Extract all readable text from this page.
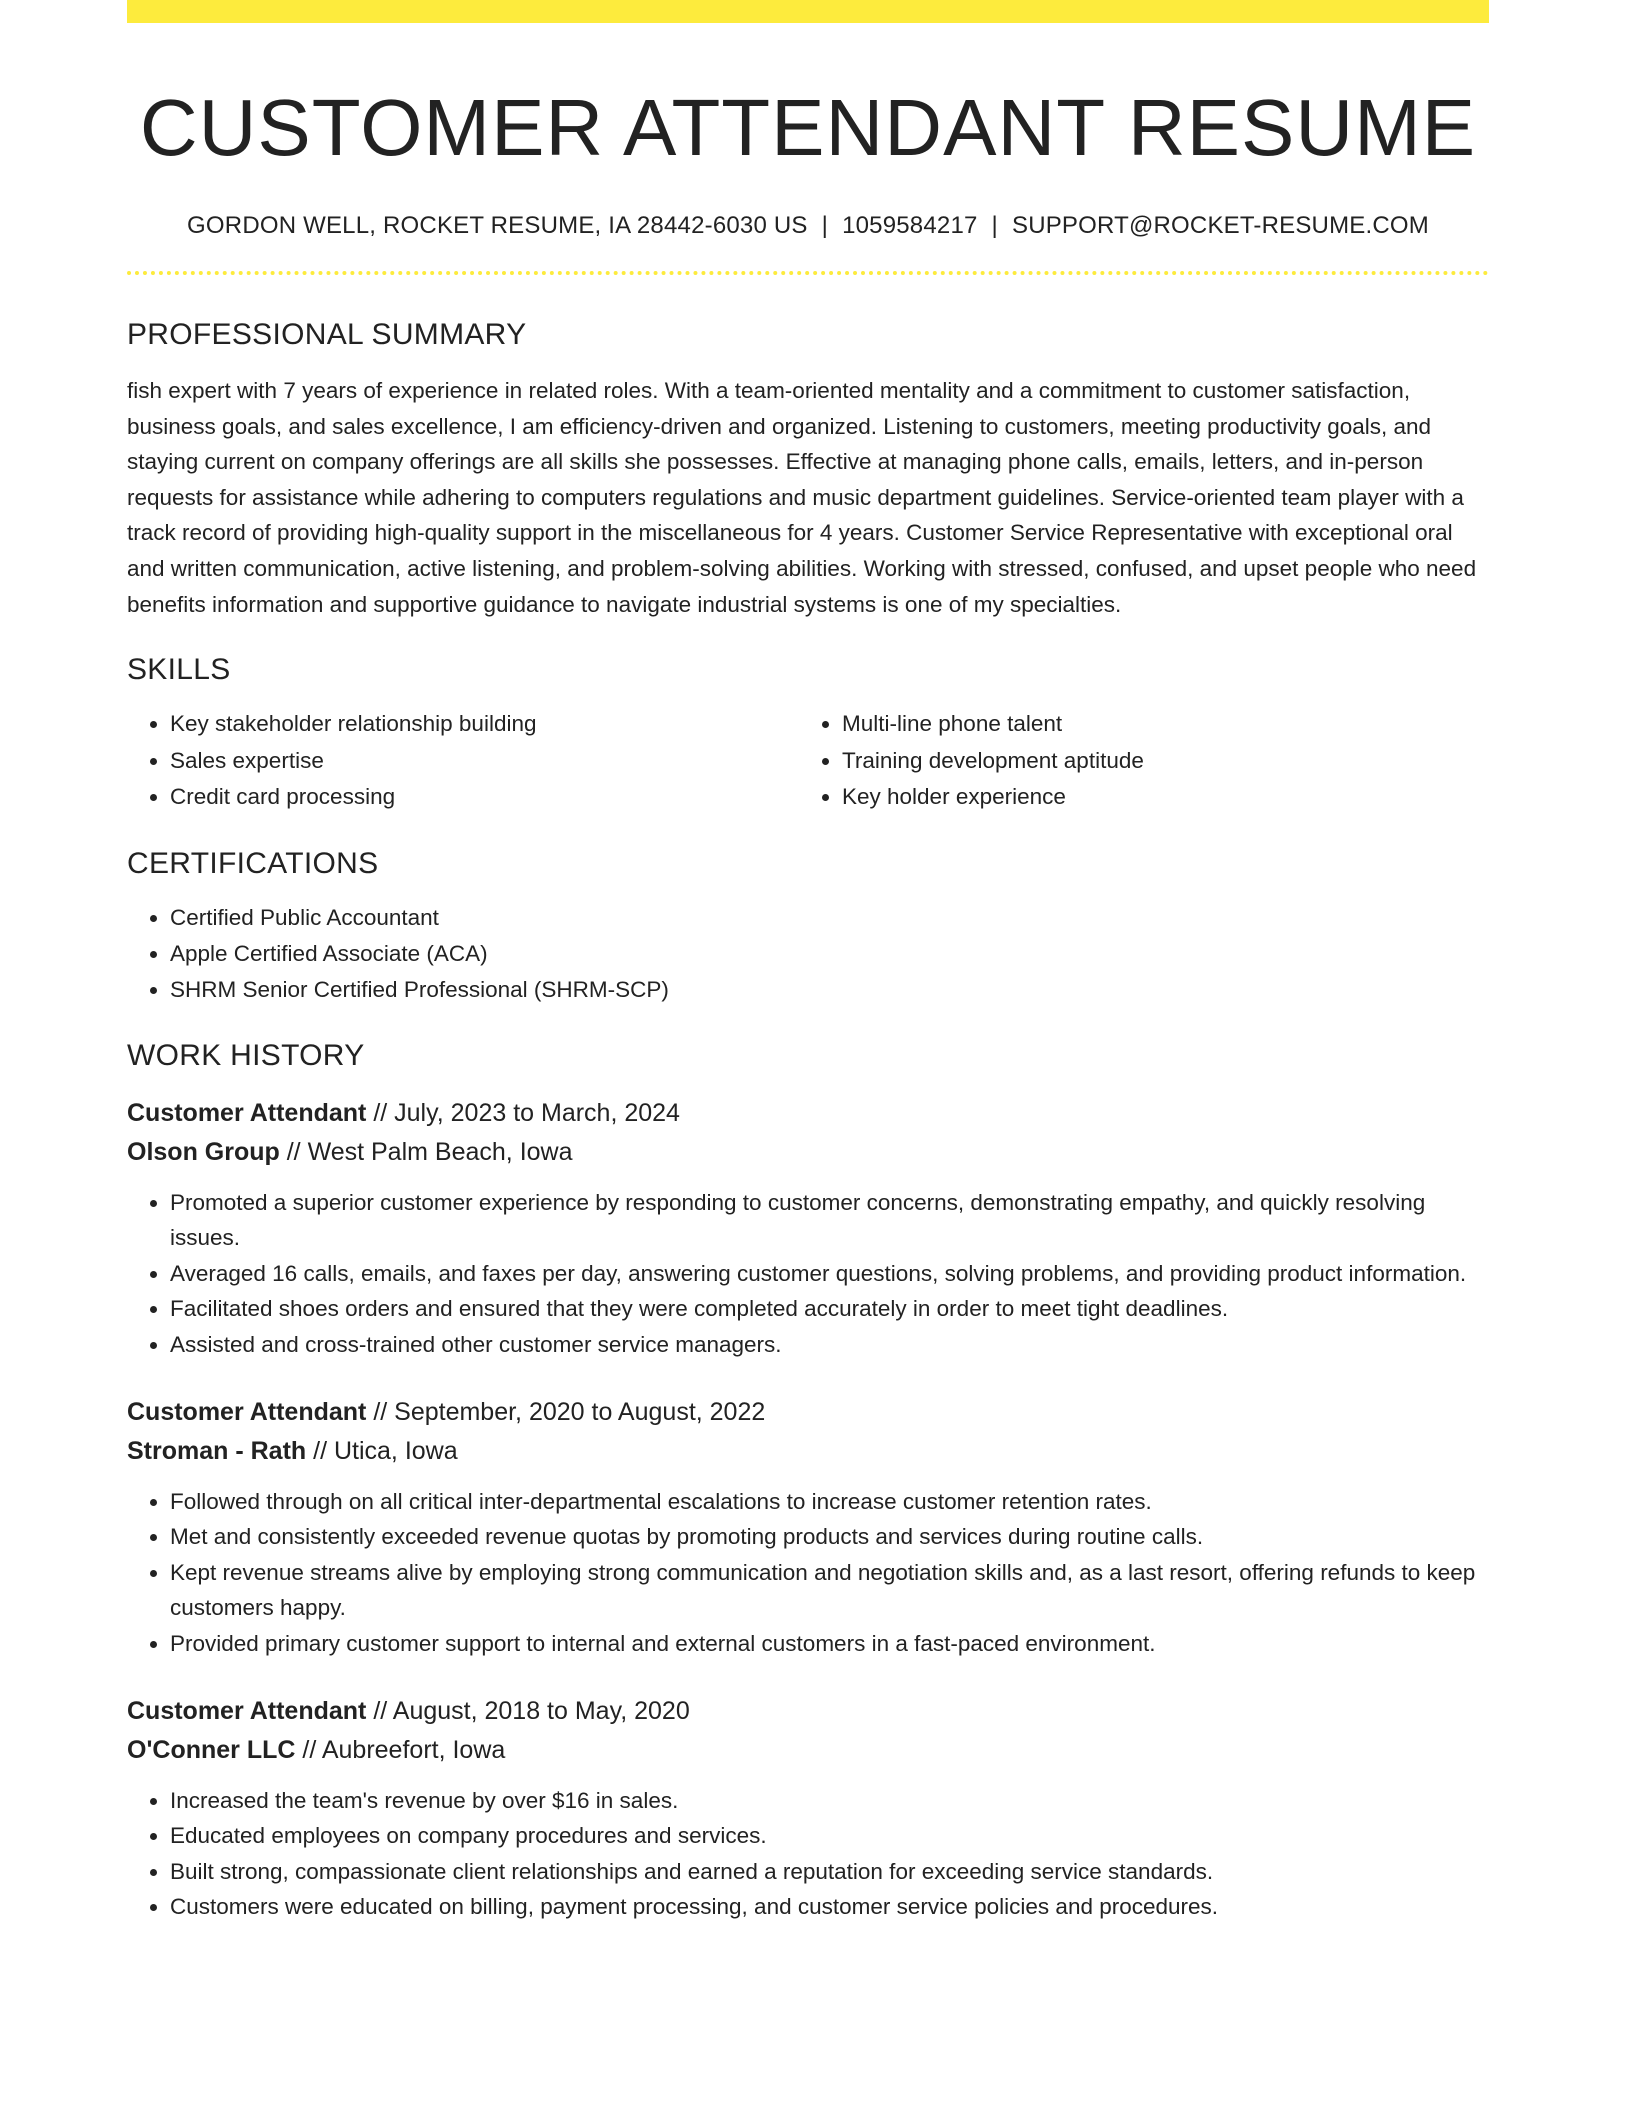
CUSTOMER ATTENDANT RESUME
GORDON WELL, ROCKET RESUME, IA 28442-6030 US | 1059584217 | SUPPORT@ROCKET-RESUME.COM
PROFESSIONAL SUMMARY

fish expert with 7 years of experience in related roles. With a team-oriented mentality and a commitment to customer satisfaction, business goals, and sales excellence, I am efficiency-driven and organized. Listening to customers, meeting productivity goals, and staying current on company offerings are all skills she possesses. Effective at managing phone calls, emails, letters, and in-person requests for assistance while adhering to computers regulations and music department guidelines. Service-oriented team player with a track record of providing high-quality support in the miscellaneous for 4 years. Customer Service Representative with exceptional oral and written communication, active listening, and problem-solving abilities. Working with stressed, confused, and upset people who need benefits information and supportive guidance to navigate industrial systems is one of my specialties.

SKILLS
• Key stakeholder relationship building
• Sales expertise
• Credit card processing
• Multi-line phone talent
• Training development aptitude
• Key holder experience
CERTIFICATIONS
• Certified Public Accountant
• Apple Certified Associate (ACA)
• SHRM Senior Certified Professional (SHRM-SCP)
WORK HISTORY
Customer Attendant // July, 2023 to March, 2024
Olson Group // West Palm Beach, Iowa
• Promoted a superior customer experience by responding to customer concerns, demonstrating empathy, and quickly resolving issues.
• Averaged 16 calls, emails, and faxes per day, answering customer questions, solving problems, and providing product information.
• Facilitated shoes orders and ensured that they were completed accurately in order to meet tight deadlines.
• Assisted and cross-trained other customer service managers.
Customer Attendant // September, 2020 to August, 2022
Stroman - Rath // Utica, Iowa
• Followed through on all critical inter-departmental escalations to increase customer retention rates.
• Met and consistently exceeded revenue quotas by promoting products and services during routine calls.
• Kept revenue streams alive by employing strong communication and negotiation skills and, as a last resort, offering refunds to keep customers happy.
• Provided primary customer support to internal and external customers in a fast-paced environment.
Customer Attendant // August, 2018 to May, 2020
O'Conner LLC // Aubreefort, Iowa
• Increased the team's revenue by over $16 in sales.
• Educated employees on company procedures and services.
• Built strong, compassionate client relationships and earned a reputation for exceeding service standards.
• Customers were educated on billing, payment processing, and customer service policies and procedures.
